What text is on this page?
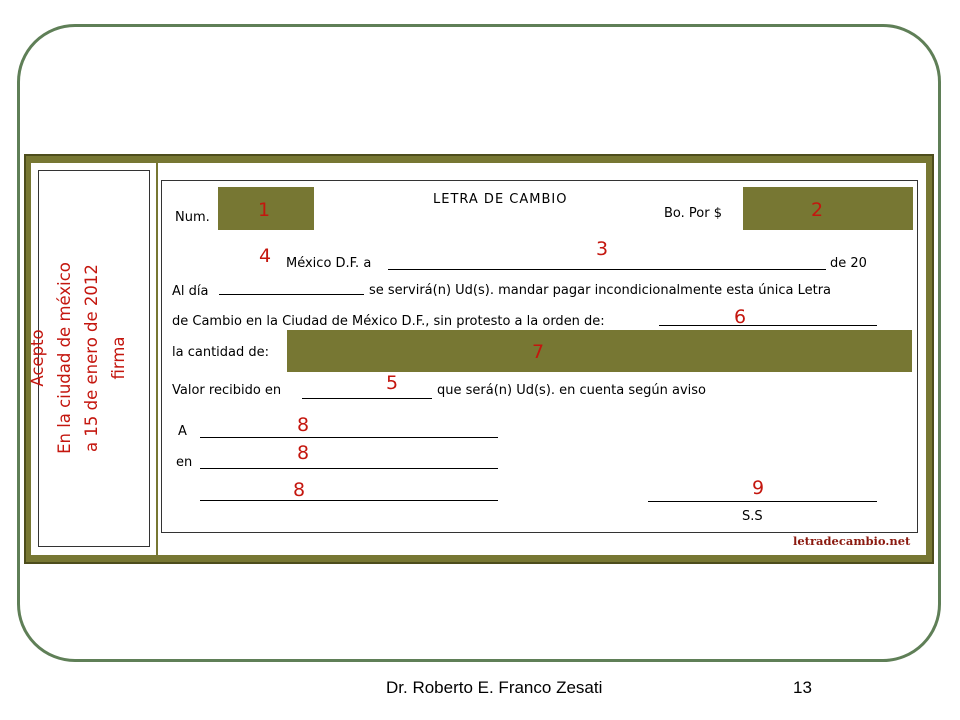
Acepto En la ciudad de méxico a 15 de enero de 2012 firma
LETRA DE CAMBIO
Num.	Bo. Por $
México D.F. a	de 20
Al día	se servirá(n) Ud(s). mandar pagar incondicionalmente esta única Letra
de Cambio en la Ciudad de México D.F., sin protesto a la orden de:
la cantidad de:
Valor recibido en	que será(n) Ud(s). en cuenta según aviso
A
en
S.S
letradecambio.net
1	2
3
4
5
6
7
8
8
8	9
Dr. Roberto E. Franco Zesati	13
